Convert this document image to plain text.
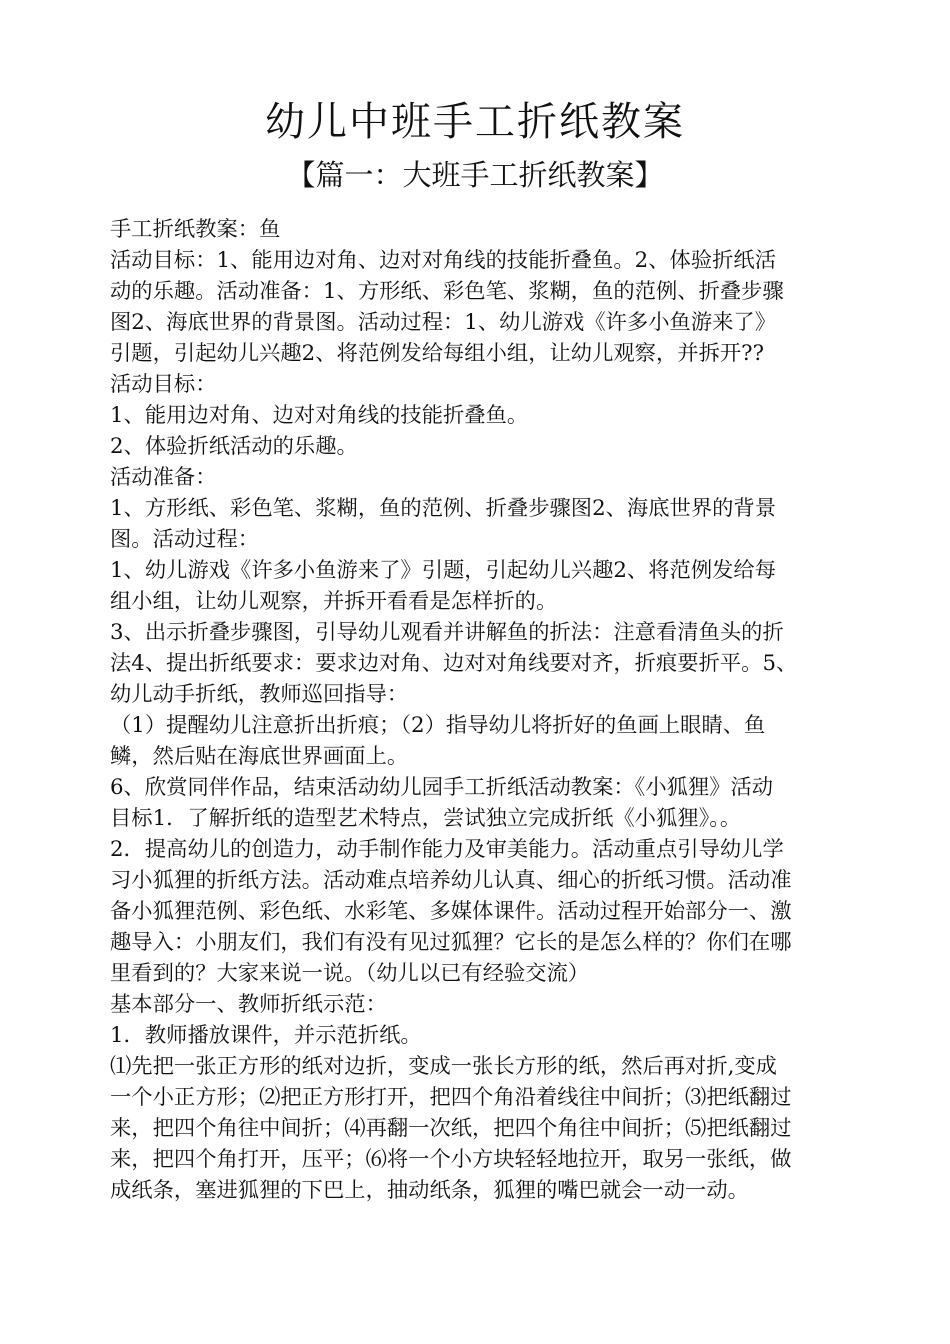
幼儿中班手工折纸教案
【篇一：大班手工折纸教案】
手工折纸教案：鱼
活动目标：1、能用边对角、边对对角线的技能折叠鱼。2、体验折纸活
动的乐趣。活动准备：1、方形纸、彩色笔、浆糊，鱼的范例、折叠步骤
图2、海底世界的背景图。活动过程：1、幼儿游戏《许多小鱼游来了》
引题，引起幼儿兴趣2、将范例发给每组小组，让幼儿观察，并拆开??
活动目标：
1、能用边对角、边对对角线的技能折叠鱼。
2、体验折纸活动的乐趣。
活动准备：
1、方形纸、彩色笔、浆糊，鱼的范例、折叠步骤图2、海底世界的背景
图。活动过程：
1、幼儿游戏《许多小鱼游来了》引题，引起幼儿兴趣2、将范例发给每
组小组，让幼儿观察，并拆开看看是怎样折的。
3、出示折叠步骤图，引导幼儿观看并讲解鱼的折法：注意看清鱼头的折
法4、提出折纸要求：要求边对角、边对对角线要对齐，折痕要折平。5、
幼儿动手折纸，教师巡回指导：
（1）提醒幼儿注意折出折痕；（2）指导幼儿将折好的鱼画上眼睛、鱼
鳞，然后贴在海底世界画面上。
6、欣赏同伴作品，结束活动幼儿园手工折纸活动教案：《小狐狸》活动
目标1．了解折纸的造型艺术特点，尝试独立完成折纸《小狐狸》。。
2．提高幼儿的创造力，动手制作能力及审美能力。活动重点引导幼儿学
习小狐狸的折纸方法。活动难点培养幼儿认真、细心的折纸习惯。活动准
备小狐狸范例、彩色纸、水彩笔、多媒体课件。活动过程开始部分一、激
趣导入：小朋友们，我们有没有见过狐狸？它长的是怎么样的？你们在哪
里看到的？大家来说一说。（幼儿以已有经验交流）
基本部分一、教师折纸示范：
1．教师播放课件，并示范折纸。
⑴先把一张正方形的纸对边折，变成一张长方形的纸，然后再对折,变成
一个小正方形；⑵把正方形打开，把四个角沿着线往中间折；⑶把纸翻过
来，把四个角往中间折；⑷再翻一次纸，把四个角往中间折；⑸把纸翻过
来，把四个角打开，压平；⑹将一个小方块轻轻地拉开，取另一张纸，做
成纸条，塞进狐狸的下巴上，抽动纸条，狐狸的嘴巴就会一动一动。
